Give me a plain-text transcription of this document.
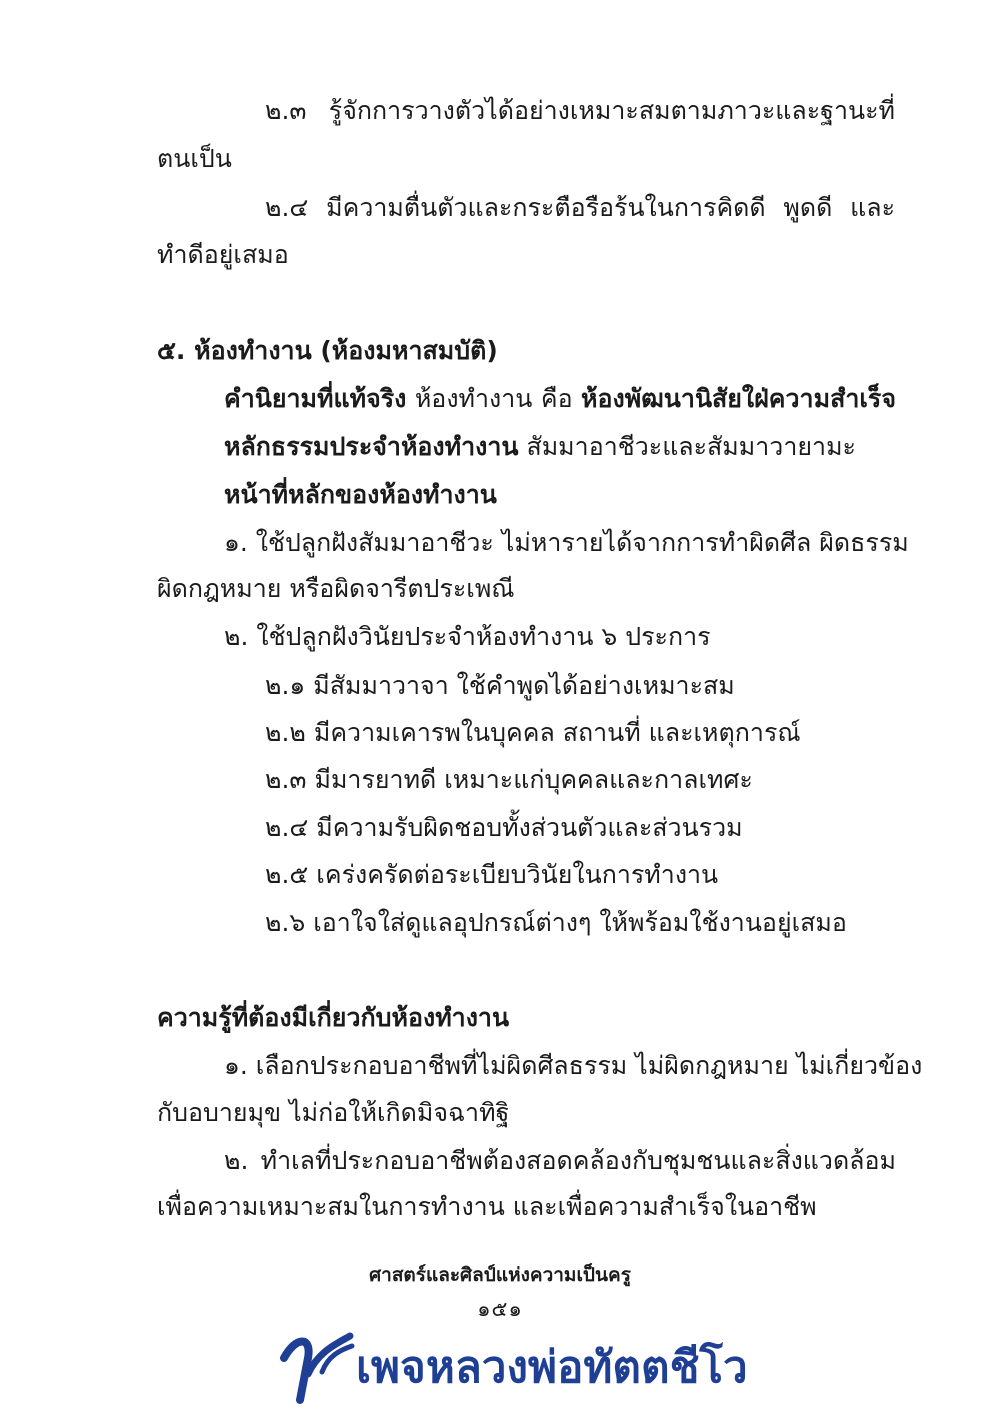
๒.๓ รู้จักการวางตัวได้อย่างเหมาะสมตามภาวะและฐานะที่
ตนเป็น
๒.๔ มีความตื่นตัวและกระตือรือร้นในการคิดดี พูดดี และ
ทำดีอยู่เสมอ
๕. ห้องทำงาน (ห้องมหาสมบัติ)
คำนิยามที่แท้จริง ห้องทำงาน คือ ห้องพัฒนานิสัยใฝ่ความสำเร็จ
หลักธรรมประจำห้องทำงาน สัมมาอาชีวะและสัมมาวายามะ
หน้าที่หลักของห้องทำงาน
๑. ใช้ปลูกฝังสัมมาอาชีวะ ไม่หารายได้จากการทำผิดศีล ผิดธรรม
ผิดกฎหมาย หรือผิดจารีตประเพณี
๒. ใช้ปลูกฝังวินัยประจำห้องทำงาน ๖ ประการ
๒.๑ มีสัมมาวาจา ใช้คำพูดได้อย่างเหมาะสม
๒.๒ มีความเคารพในบุคคล สถานที่ และเหตุการณ์
๒.๓ มีมารยาทดี เหมาะแก่บุคคลและกาลเทศะ
๒.๔ มีความรับผิดชอบทั้งส่วนตัวและส่วนรวม
๒.๕ เคร่งครัดต่อระเบียบวินัยในการทำงาน
๒.๖ เอาใจใส่ดูแลอุปกรณ์ต่างๆ ให้พร้อมใช้งานอยู่เสมอ
ความรู้ที่ต้องมีเกี่ยวกับห้องทำงาน
๑. เลือกประกอบอาชีพที่ไม่ผิดศีลธรรม ไม่ผิดกฎหมาย ไม่เกี่ยวข้อง
กับอบายมุข ไม่ก่อให้เกิดมิจฉาทิฐิ
๒. ทำเลที่ประกอบอาชีพต้องสอดคล้องกับชุมชนและสิ่งแวดล้อม
เพื่อความเหมาะสมในการทำงาน และเพื่อความสำเร็จในอาชีพ
ศาสตร์และศิลป์แห่งความเป็นครู
๑๕๑
เพจหลวงพ่อทัตตชีโว
